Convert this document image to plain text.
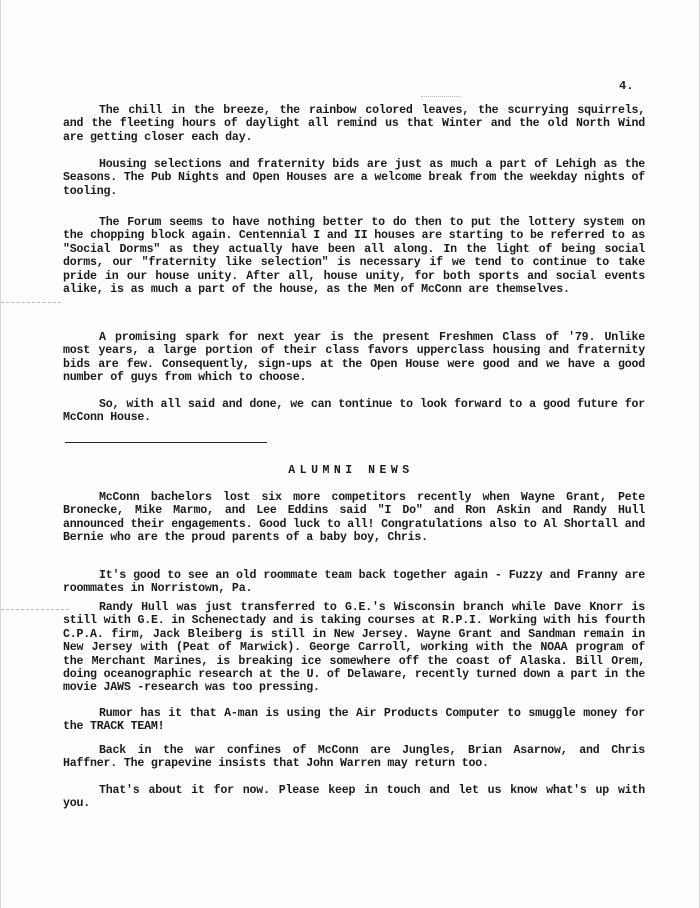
4.

The chill in the breeze, the rainbow colored leaves, the scurrying squirrels, and the fleeting hours of daylight all remind us that Winter and the old North Wind are getting closer each day.

Housing selections and fraternity bids are just as much a part of Lehigh as the Seasons. The Pub Nights and Open Houses are a welcome break from the weekday nights of tooling.

The Forum seems to have nothing better to do then to put the lottery system on the chopping block again. Centennial I and II houses are starting to be referred to as "Social Dorms" as they actually have been all along. In the light of being social dorms, our "fraternity like selection" is necessary if we tend to continue to take pride in our house unity. After all, house unity, for both sports and social events alike, is as much a part of the house, as the Men of McConn are themselves.

A promising spark for next year is the present Freshmen Class of '79. Unlike most years, a large portion of their class favors upperclass housing and fraternity bids are few. Consequently, sign-ups at the Open House were good and we have a good number of guys from which to choose.

So, with all said and done, we can tontinue to look forward to a good future for McConn House.

ALUMNI NEWS

McConn bachelors lost six more competitors recently when Wayne Grant, Pete Bronecke, Mike Marmo, and Lee Eddins said "I Do" and Ron Askin and Randy Hull announced their engagements. Good luck to all! Congratulations also to Al Shortall and Bernie who are the proud parents of a baby boy, Chris.

It's good to see an old roommate team back together again - Fuzzy and Franny are roommates in Norristown, Pa.

Randy Hull was just transferred to G.E.'s Wisconsin branch while Dave Knorr is still with G.E. in Schenectady and is taking courses at R.P.I. Working with his fourth C.P.A. firm, Jack Bleiberg is still in New Jersey. Wayne Grant and Sandman remain in New Jersey with (Peat of Marwick). George Carroll, working with the NOAA program of the Merchant Marines, is breaking ice somewhere off the coast of Alaska. Bill Orem, doing oceanographic research at the U. of Delaware, recently turned down a part in the movie JAWS -research was too pressing.

Rumor has it that A-man is using the Air Products Computer to smuggle money for the TRACK TEAM!

Back in the war confines of McConn are Jungles, Brian Asarnow, and Chris Haffner. The grapevine insists that John Warren may return too.

That's about it for now. Please keep in touch and let us know what's up with you.
